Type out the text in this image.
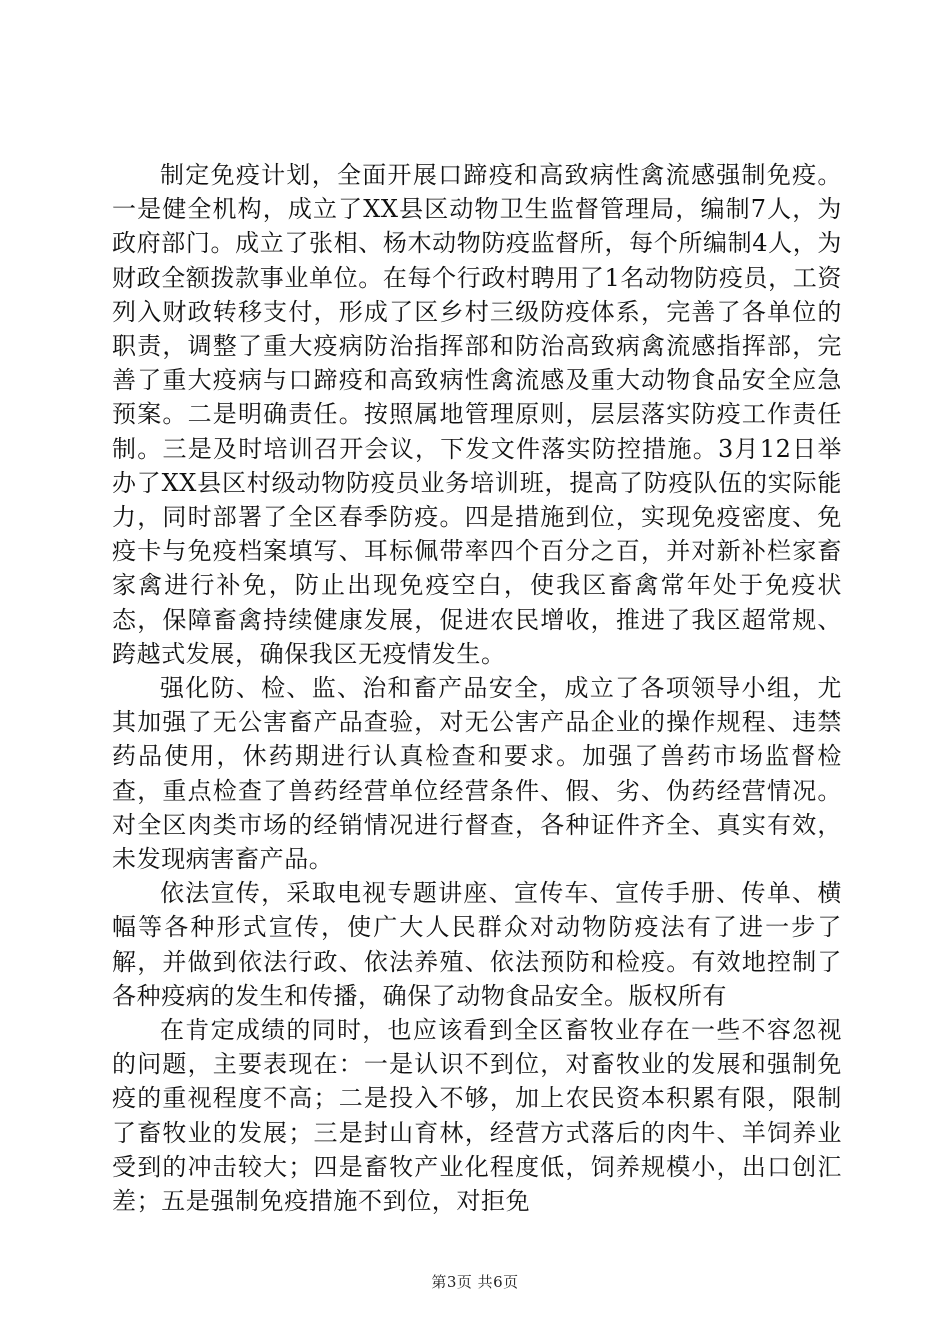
制定免疫计划，全面开展口蹄疫和高致病性禽流感强制免疫。一是健全机构，成立了XX县区动物卫生监督管理局，编制7人，为政府部门。成立了张相、杨木动物防疫监督所，每个所编制4人，为财政全额拨款事业单位。在每个行政村聘用了1名动物防疫员，工资列入财政转移支付，形成了区乡村三级防疫体系，完善了各单位的职责，调整了重大疫病防治指挥部和防治高致病禽流感指挥部，完善了重大疫病与口蹄疫和高致病性禽流感及重大动物食品安全应急预案。二是明确责任。按照属地管理原则，层层落实防疫工作责任制。三是及时培训召开会议，下发文件落实防控措施。3月12日举办了XX县区村级动物防疫员业务培训班，提高了防疫队伍的实际能力，同时部署了全区春季防疫。四是措施到位，实现免疫密度、免疫卡与免疫档案填写、耳标佩带率四个百分之百，并对新补栏家畜家禽进行补免，防止出现免疫空白，使我区畜禽常年处于免疫状态，保障畜禽持续健康发展，促进农民增收，推进了我区超常规、跨越式发展，确保我区无疫情发生。

强化防、检、监、治和畜产品安全，成立了各项领导小组，尤其加强了无公害畜产品查验，对无公害产品企业的操作规程、违禁药品使用，休药期进行认真检查和要求。加强了兽药市场监督检查，重点检查了兽药经营单位经营条件、假、劣、伪药经营情况。对全区肉类市场的经销情况进行督查，各种证件齐全、真实有效，未发现病害畜产品。

依法宣传，采取电视专题讲座、宣传车、宣传手册、传单、横幅等各种形式宣传，使广大人民群众对动物防疫法有了进一步了解，并做到依法行政、依法养殖、依法预防和检疫。有效地控制了各种疫病的发生和传播，确保了动物食品安全。版权所有

在肯定成绩的同时，也应该看到全区畜牧业存在一些不容忽视的问题，主要表现在：一是认识不到位，对畜牧业的发展和强制免疫的重视程度不高；二是投入不够，加上农民资本积累有限，限制了畜牧业的发展；三是封山育林，经营方式落后的肉牛、羊饲养业受到的冲击较大；四是畜牧产业化程度低，饲养规模小，出口创汇差；五是强制免疫措施不到位，对拒免

第3页 共6页
